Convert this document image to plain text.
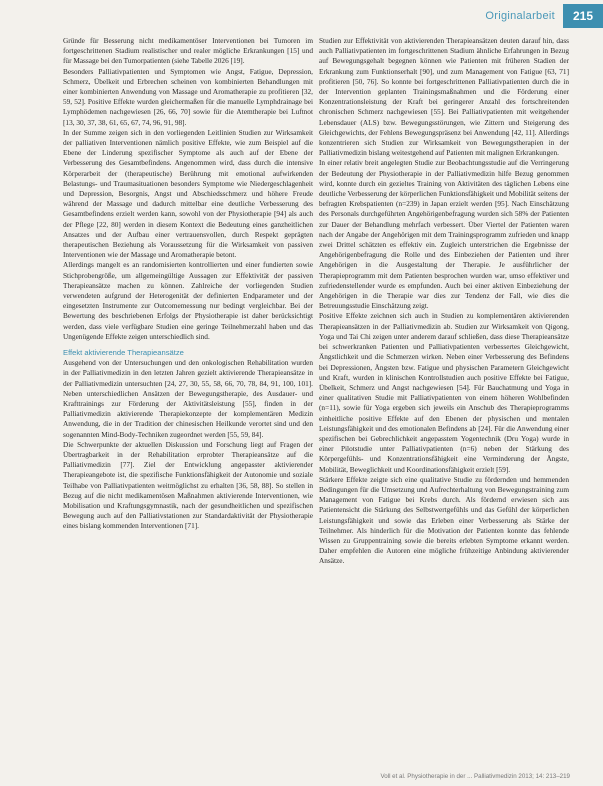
Originalarbeit	215

Gründe für Besserung nicht medikamentöser Interventionen bei Tumoren im fortgeschrittenen Stadium realistischer und realer mögliche Erkrankungen [15] und für Massage bei den Tumorpatienten (siehe Tabelle 2026 [19].

Besonders Palliativpatienten und Symptomen wie Angst, Fatigue, Depression, Schmerz, Übelkeit und Erbrechen scheinen von kombinierten Behandlungen mit einer kombinierten Anwendung von Massage und Aromatherapie zu profitieren [32, 59, 52]. Positive Effekte wurden gleichermaßen für die manuelle Lymphdrainage bei Lymphödemen nachgewiesen [26, 66, 70] sowie für die Atemtherapie bei Luftnot [13, 30, 37, 38, 61, 65, 67, 74, 96, 91, 98].

In der Summe zeigen sich in den vorliegenden Leitlinien Studien zur Wirksamkeit der palliativen Interventionen nämlich positive Effekte, wie zum Beispiel auf die Ebene der Linderung spezifischer Symptome als auch auf der Ebene der Verbesserung des Gesamtbefindens. Angenommen wird, dass durch die intensive Körperarbeit der (therapeutische) Berührung mit emotional aufwirkenden Belastungs- und Traumasituationen besonders Symptome wie Niedergeschlagenheit und Depression, Besorgnis, Angst und Abschiedsschmerz und höhere Freude während der Massage und dadurch mittelbar eine deutliche Verbesserung des Gesamtbefindens erzielt werden kann, sowohl von der Physiotherapie [94] als auch der Pflege [22, 80] werden in diesem Kontext die Bedeutung eines ganzheitlichen Ansatzes und der Aufbau einer vertrauensvollen, durch Respekt geprägten therapeutischen Beziehung als Voraussetzung für die Wirksamkeit von passiven Interventionen wie der Massage und Aromatherapie betont.

Allerdings mangelt es an randomisierten kontrollierten und einer fundierten sowie Stichprobengröße, um allgemeingültige Aussagen zur Effektivität der passiven Therapieansätze machen zu können. Zahlreiche der vorliegenden Studien verwendeten aufgrund der Heterogenität der definierten Endparameter und der eingesetzten Instrumente zur Outcomemessung nur bedingt vergleichbar. Bei der Bewertung des beschriebenen Erfolgs der Physiotherapie ist daher berücksichtigt werden, dass viele verfügbare Studien eine geringe Teilnehmerzahl haben und das Ungenügende Effekte zeigen unterschiedlich sind.

Effekt aktivierende Therapieansätze

Ausgehend von der Untersuchungen und den onkologischen Rehabilitation wurden in der Palliativmedizin in den letzten Jahren gezielt aktivierende Therapieansätze in der Palliativmedizin untersuchten [24, 27, 30, 55, 58, 66, 70, 78, 84, 91, 100, 101]. Neben unterschiedlichen Ansätzen der Bewegungstherapie, des Ausdauer- und Krafttrainings zur Förderung der Aktivitätsleistung [55], finden in der Palliativmedizin aktivierende Therapiekonzepte der komplementären Medizin Anwendung, die in der Tradition der chinesischen Heilkunde verortet sind und den sogenannten Mind-Body-Techniken zugeordnet werden [55, 59, 84].

Die Schwerpunkte der aktuellen Diskussion und Forschung liegt auf Fragen der Übertragbarkeit in der Rehabilitation erprobter Therapieansätze auf die Palliativmedizin [77]. Ziel der Entwicklung angepasster aktivierender Therapieangebote ist, die spezifische Funktionsfähigkeit der Autonomie und soziale Teilhabe von Palliativpatienten weitmöglichst zu erhalten [36, 58, 88]. So stellen in Bezug auf die nicht medikamentösen Maßnahmen aktivierende Interventionen, wie Mobilisation und Kraftungsgymnastik, nach der gesundheitlichen und spezifischen Bewegung auch auf den Palliativstationen zur Standardaktivität der Physiotherapie eines bislang kommenden Interventionen [71].

Studien zur Effektivität von aktivierenden Therapieansätzen deuten darauf hin, dass auch Palliativpatienten im fortgeschrittenen Stadium ähnliche Erfahrungen in Bezug auf Bewegungsgehalt begegnen können wie Patienten mit früheren Stadien der Erkrankung zum Funktionserhalt [90], und zum Management von Fatigue [63, 71] profitieren [50, 76]. So konnte bei fortgeschrittenen Palliativpatienten durch die in der Intervention geplanten Trainingsmaßnahmen und die Förderung einer Konzentrationsleistung der Kraft bei geringerer Anzahl des fortschreitenden chronischen Schmerz nachgewiesen [55]. Bei Palliativpatienten mit weitgehender Lebensdauer (ALS) bzw. Bewegungsstörungen, wie Zittern und Steigerung des Gleichgewichts, der Fehlens Bewegungspräsenz bei Anwendung [42, 11]. Allerdings konzentrieren sich Studien zur Wirksamkeit von Bewegungstherapien in der Palliativmedizin bislang weitestgehend auf Patienten mit malignen Erkrankungen.

In einer relativ breit angelegten Studie zur Beobachtungsstudie auf die Verringerung der Bedeutung der Physiotherapie in der Palliativmedizin hilfe Bezug genommen wird, konnte durch ein gezieltes Training von Aktivitäten des täglichen Lebens eine deutliche Verbesserung der körperlichen Funktionsfähigkeit und Mobilität seitens der befragten Krebspatienten (n=239) in Japan erzielt werden [95]. Nach Einschätzung des Personals durchgeführten Angehörigenbefragung wurden sich 58% der Patienten zur Dauer der Behandlung mehrfach verbessert. Über Viertel der Patienten waren nach der Angabe der Angehörigen mit dem Trainingsprogramm zufrieden und knapp zwei Drittel schätzten es effektiv ein. Zugleich unterstrichen die Ergebnisse der Angehörigenbefragung die Rolle und des Einbeziehen der Patienten und ihrer Angehörigen in die Ausgestaltung der Therapie. Je ausführlicher der Therapieprogramm mit dem Patienten besprochen wurden war, umso effektiver und zufriedenstellender wurde es empfunden. Auch bei einer aktiven Einbeziehung der Angehörigen in die Therapie war dies zur Tendenz der Fall, wie dies die Betreuungsstudie Einschätzung zeigt.

Positive Effekte zeichnen sich auch in Studien zu komplementären aktivierenden Therapieansätzen in der Palliativmedizin ab. Studien zur Wirksamkeit von Qigong, Yoga und Tai Chi zeigen unter anderem darauf schließen, dass diese Therapieansätze bei schwerkranken Patienten und Palliativpatienten verbessertes Gleichgewicht, Ängstlichkeit und die Schmerzen wirken. Neben einer Verbesserung des Befindens bei Depressionen, Ängsten bzw. Fatigue und physischen Parametern Gleichgewicht und Kraft, wurden in klinischen Kontrollstudien auch positive Effekte bei Fatigue, Übelkeit, Schmerz und Angst nachgewiesen [54]. Für Bauchatmung und Yoga in einer qualitativen Studie mit Palliativpatienten von einem höheren Wohlbefinden (n=11), sowie für Yoga ergeben sich jeweils ein Anschub des Therapieprogramms einheitliche positive Effekte auf den Ebenen der physischen und mentalen Leistungsfähigkeit und des emotionalen Befindens ab [24]. Für die Anwendung einer spezifischen bei Gebrechlichkeit angepasstem Yogentechnik (Dru Yoga) wurde in einer Pilotstudie unter Palliativpatienten (n=6) neben der Stärkung des Körpergefühls- und Konzentrationsfähigkeit eine Verminderung der Ängste, Mobilität, Beweglichkeit und Koordinationsfähigkeit erzielt [59].

Stärkere Effekte zeigte sich eine qualitative Studie zu fördernden und hemmenden Bedingungen für die Umsetzung und Aufrechterhaltung von Bewegungstraining zum Management von Fatigue bei Krebs durch. Als fördernd erwiesen sich aus Patientensicht die Stärkung des Selbstwertgefühls und das Gefühl der körperlichen Leistungsfähigkeit und sowie das Erleben einer Verbesserung als Stärke der Teilnehmer. Als hinderlich für die Motivation der Patienten konnte das fehlende Wissen zu Gruppentraining sowie die bereits erlebten Symptome erkannt werden. Daher empfehlen die Autoren eine mögliche frühzeitige Anbindung aktivierender Ansätze.

Voll et al. Physiotherapie in der ... Palliativmedizin 2013; 14: 213–219
